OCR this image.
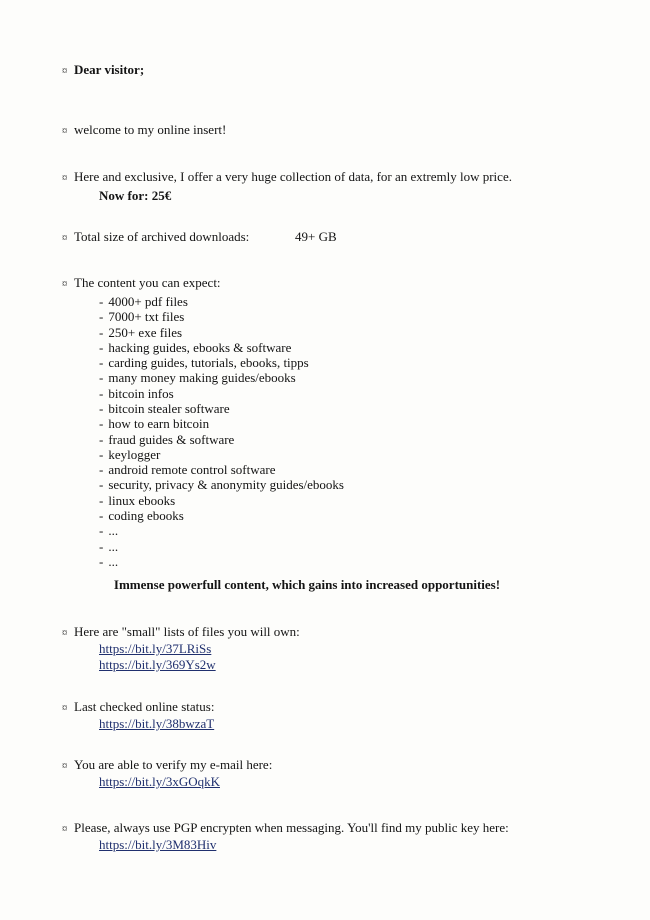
¤ Dear visitor;
¤ welcome to my online insert!
¤ Here and exclusive, I offer a very huge collection of data, for an extremly low price.
Now for: 25€
¤ Total size of archived downloads:	49+ GB
¤ The content you can expect:
- 4000+ pdf files
- 7000+ txt files
- 250+ exe files
- hacking guides, ebooks & software
- carding guides, tutorials, ebooks, tipps
- many money making guides/ebooks
- bitcoin infos
- bitcoin stealer software
- how to earn bitcoin
- fraud guides & software
- keylogger
- android remote control software
- security, privacy & anonymity guides/ebooks
- linux ebooks
- coding ebooks
- ...
- ...
- ...
Immense powerfull content, which gains into increased opportunities!
¤ Here are "small" lists of files you will own:
https://bit.ly/37LRiSs
https://bit.ly/369Ys2w
¤ Last checked online status:
https://bit.ly/38bwzaT
¤ You are able to verify my e-mail here:
https://bit.ly/3xGOqkK
¤ Please, always use PGP encrypten when messaging. You'll find my public key here:
https://bit.ly/3M83Hiv
